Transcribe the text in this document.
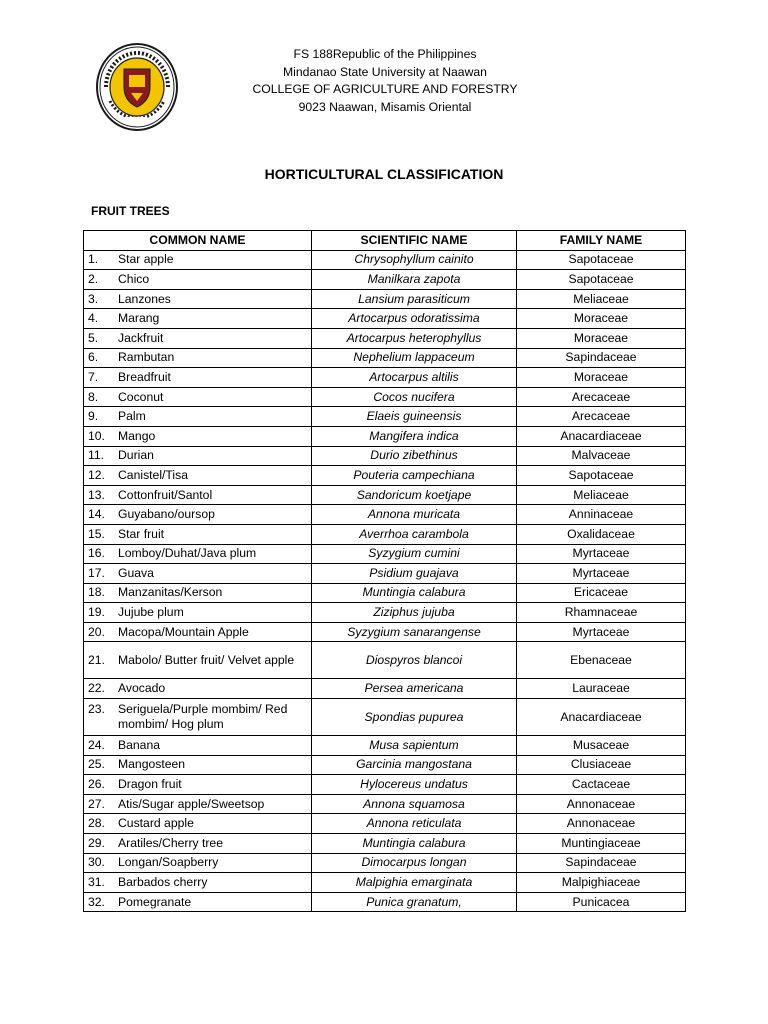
FS 188Republic of the Philippines
Mindanao State University at Naawan
COLLEGE OF AGRICULTURE AND FORESTRY
9023 Naawan, Misamis Oriental
HORTICULTURAL CLASSIFICATION
FRUIT TREES
COMMON NAME	SCIENTIFIC NAME	FAMILY NAME
1. Star apple	Chrysophyllum cainito	Sapotaceae
2. Chico	Manilkara zapota	Sapotaceae
3. Lanzones	Lansium parasiticum	Meliaceae
4. Marang	Artocarpus odoratissima	Moraceae
5. Jackfruit	Artocarpus heterophyllus	Moraceae
6. Rambutan	Nephelium lappaceum	Sapindaceae
7. Breadfruit	Artocarpus altilis	Moraceae
8. Coconut	Cocos nucifera	Arecaceae
9. Palm	Elaeis guineensis	Arecaceae
10. Mango	Mangifera indica	Anacardiaceae
11. Durian	Durio zibethinus	Malvaceae
12. Canistel/Tisa	Pouteria campechiana	Sapotaceae
13. Cottonfruit/Santol	Sandoricum koetjape	Meliaceae
14. Guyabano/oursop	Annona muricata	Anninaceae
15. Star fruit	Averrhoa carambola	Oxalidaceae
16. Lomboy/Duhat/Java plum	Syzygium cumini	Myrtaceae
17. Guava	Psidium guajava	Myrtaceae
18. Manzanitas/Kerson	Muntingia calabura	Ericaceae
19. Jujube plum	Ziziphus jujuba	Rhamnaceae
20. Macopa/Mountain Apple	Syzygium sanarangense	Myrtaceae
21. Mabolo/ Butter fruit/ Velvet apple	Diospyros blancoi	Ebenaceae
22. Avocado	Persea americana	Lauraceae
23. Seriguela/Purple mombim/ Red mombim/ Hog plum	Spondias pupurea	Anacardiaceae
24. Banana	Musa sapientum	Musaceae
25. Mangosteen	Garcinia mangostana	Clusiaceae
26. Dragon fruit	Hylocereus undatus	Cactaceae
27. Atis/Sugar apple/Sweetsop	Annona squamosa	Annonaceae
28. Custard apple	Annona reticulata	Annonaceae
29. Aratiles/Cherry tree	Muntingia calabura	Muntingiaceae
30. Longan/Soapberry	Dimocarpus longan	Sapindaceae
31. Barbados cherry	Malpighia emarginata	Malpighiaceae
32. Pomegranate	Punica granatum,	Punicacea
